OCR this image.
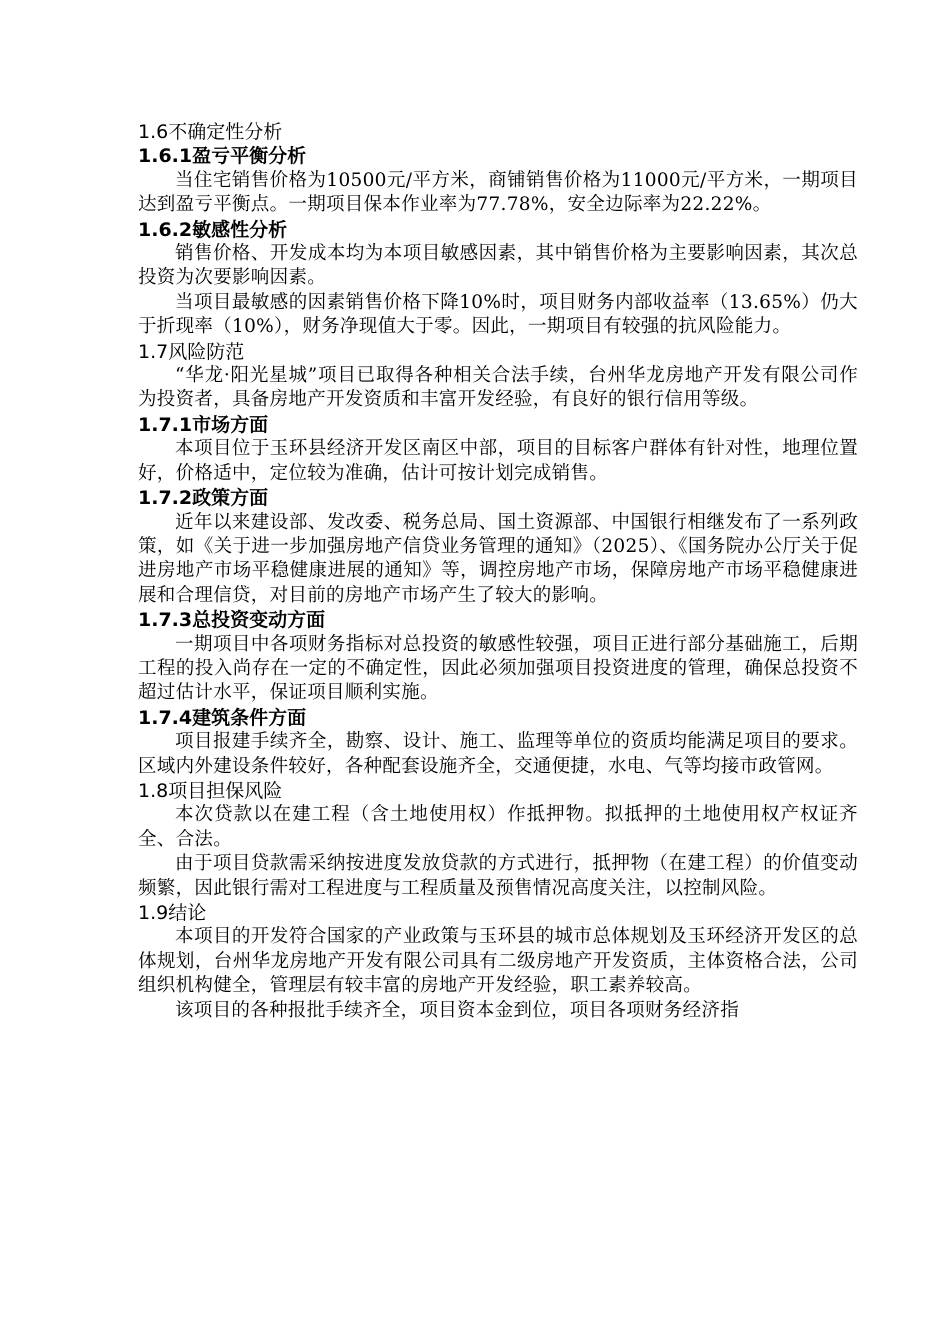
1.6不确定性分析
1.6.1盈亏平衡分析
当住宅销售价格为10500元/平方米，商铺销售价格为11000元/平方米，一期项目达到盈亏平衡点。一期项目保本作业率为77.78%，安全边际率为22.22%。
1.6.2敏感性分析
销售价格、开发成本均为本项目敏感因素，其中销售价格为主要影响因素，其次总投资为次要影响因素。
当项目最敏感的因素销售价格下降10%时，项目财务内部收益率（13.65%）仍大于折现率（10%），财务净现值大于零。因此，一期项目有较强的抗风险能力。
1.7风险防范
“华龙·阳光星城”项目已取得各种相关合法手续，台州华龙房地产开发有限公司作为投资者，具备房地产开发资质和丰富开发经验，有良好的银行信用等级。
1.7.1市场方面
本项目位于玉环县经济开发区南区中部，项目的目标客户群体有针对性，地理位置好，价格适中，定位较为准确，估计可按计划完成销售。
1.7.2政策方面
近年以来建设部、发改委、税务总局、国土资源部、中国银行相继发布了一系列政策，如《关于进一步加强房地产信贷业务管理的通知》（2025）、《国务院办公厅关于促进房地产市场平稳健康进展的通知》等，调控房地产市场，保障房地产市场平稳健康进展和合理信贷，对目前的房地产市场产生了较大的影响。
1.7.3总投资变动方面
一期项目中各项财务指标对总投资的敏感性较强，项目正进行部分基础施工，后期工程的投入尚存在一定的不确定性，因此必须加强项目投资进度的管理，确保总投资不超过估计水平，保证项目顺利实施。
1.7.4建筑条件方面
项目报建手续齐全，勘察、设计、施工、监理等单位的资质均能满足项目的要求。区域内外建设条件较好，各种配套设施齐全，交通便捷，水电、气等均接市政管网。
1.8项目担保风险
本次贷款以在建工程（含土地使用权）作抵押物。拟抵押的土地使用权产权证齐全、合法。
由于项目贷款需采纳按进度发放贷款的方式进行，抵押物（在建工程）的价值变动频繁，因此银行需对工程进度与工程质量及预售情况高度关注，以控制风险。
1.9结论
本项目的开发符合国家的产业政策与玉环县的城市总体规划及玉环经济开发区的总体规划，台州华龙房地产开发有限公司具有二级房地产开发资质，主体资格合法，公司组织机构健全，管理层有较丰富的房地产开发经验，职工素养较高。
该项目的各种报批手续齐全，项目资本金到位，项目各项财务经济指
